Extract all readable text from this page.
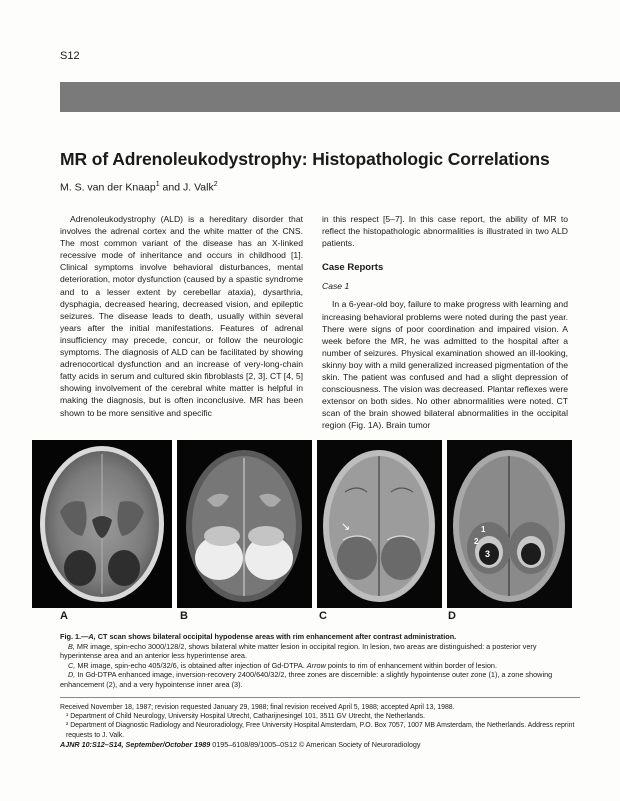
S12
MR of Adrenoleukodystrophy: Histopathologic Correlations
M. S. van der Knaap$^1$ and J. Valk$^2$

Adrenoleukodystrophy (ALD) is a hereditary disorder that involves the adrenal cortex and the white matter of the CNS. The most common variant of the disease has an X-linked recessive mode of inheritance and occurs in childhood [1]. Clinical symptoms involve behavioral disturbances, mental deterioration, motor dysfunction (caused by a spastic syndrome and to a lesser extent by cerebellar ataxia), dysarthria, dysphagia, decreased hearing, decreased vision, and epileptic seizures. The disease leads to death, usually within several years after the initial manifestations. Features of adrenal insufficiency may precede, concur, or follow the neurologic symptoms. The diagnosis of ALD can be facilitated by showing adrenocortical dysfunction and an increase of very-long-chain fatty acids in serum and cultured skin fibroblasts [2, 3]. CT [4, 5] showing involvement of the cerebral white matter is helpful in making the diagnosis, but is often inconclusive. MR has been shown to be more sensitive and specific

in this respect [5–7]. In this case report, the ability of MR to reflect the histopathologic abnormalities is illustrated in two ALD patients.

Case Reports
Case 1

In a 6-year-old boy, failure to make progress with learning and increasing behavioral problems were noted during the past year. There were signs of poor coordination and impaired vision. A week before the MR, he was admitted to the hospital after a number of seizures. Physical examination showed an ill-looking, skinny boy with a mild generalized increased pigmentation of the skin. The patient was confused and had a slight depression of consciousness. The vision was decreased. Plantar reflexes were extensor on both sides. No other abnormalities were noted. CT scan of the brain showed bilateral abnormalities in the occipital region (Fig. 1A). Brain tumor

↘	1
2
3
A	B	C	D

Fig. 1.—A, CT scan shows bilateral occipital hypodense areas with rim enhancement after contrast administration.

B, MR image, spin-echo 3000/128/2, shows bilateral white matter lesion in occipital region. In lesion, two areas are distinguished: a posterior very hyperintense area and an anterior less hyperintense area.

C, MR image, spin-echo 405/32/6, is obtained after injection of Gd-DTPA. Arrow points to rim of enhancement within border of lesion.

D, In Gd-DTPA enhanced image, inversion-recovery 2400/640/32/2, three zones are discernible: a slightly hypointense outer zone (1), a zone showing enhancement (2), and a very hypointense inner area (3).

Received November 18, 1987; revision requested January 29, 1988; final revision received April 5, 1988; accepted April 13, 1988.

¹ Department of Child Neurology, University Hospital Utrecht, Catharijnesingel 101, 3511 GV Utrecht, the Netherlands.

² Department of Diagnostic Radiology and Neuroradiology, Free University Hospital Amsterdam, P.O. Box 7057, 1007 MB Amsterdam, the Netherlands. Address reprint requests to J. Valk.

AJNR 10:S12–S14, September/October 1989 0195–6108/89/1005–0S12 © American Society of Neuroradiology
